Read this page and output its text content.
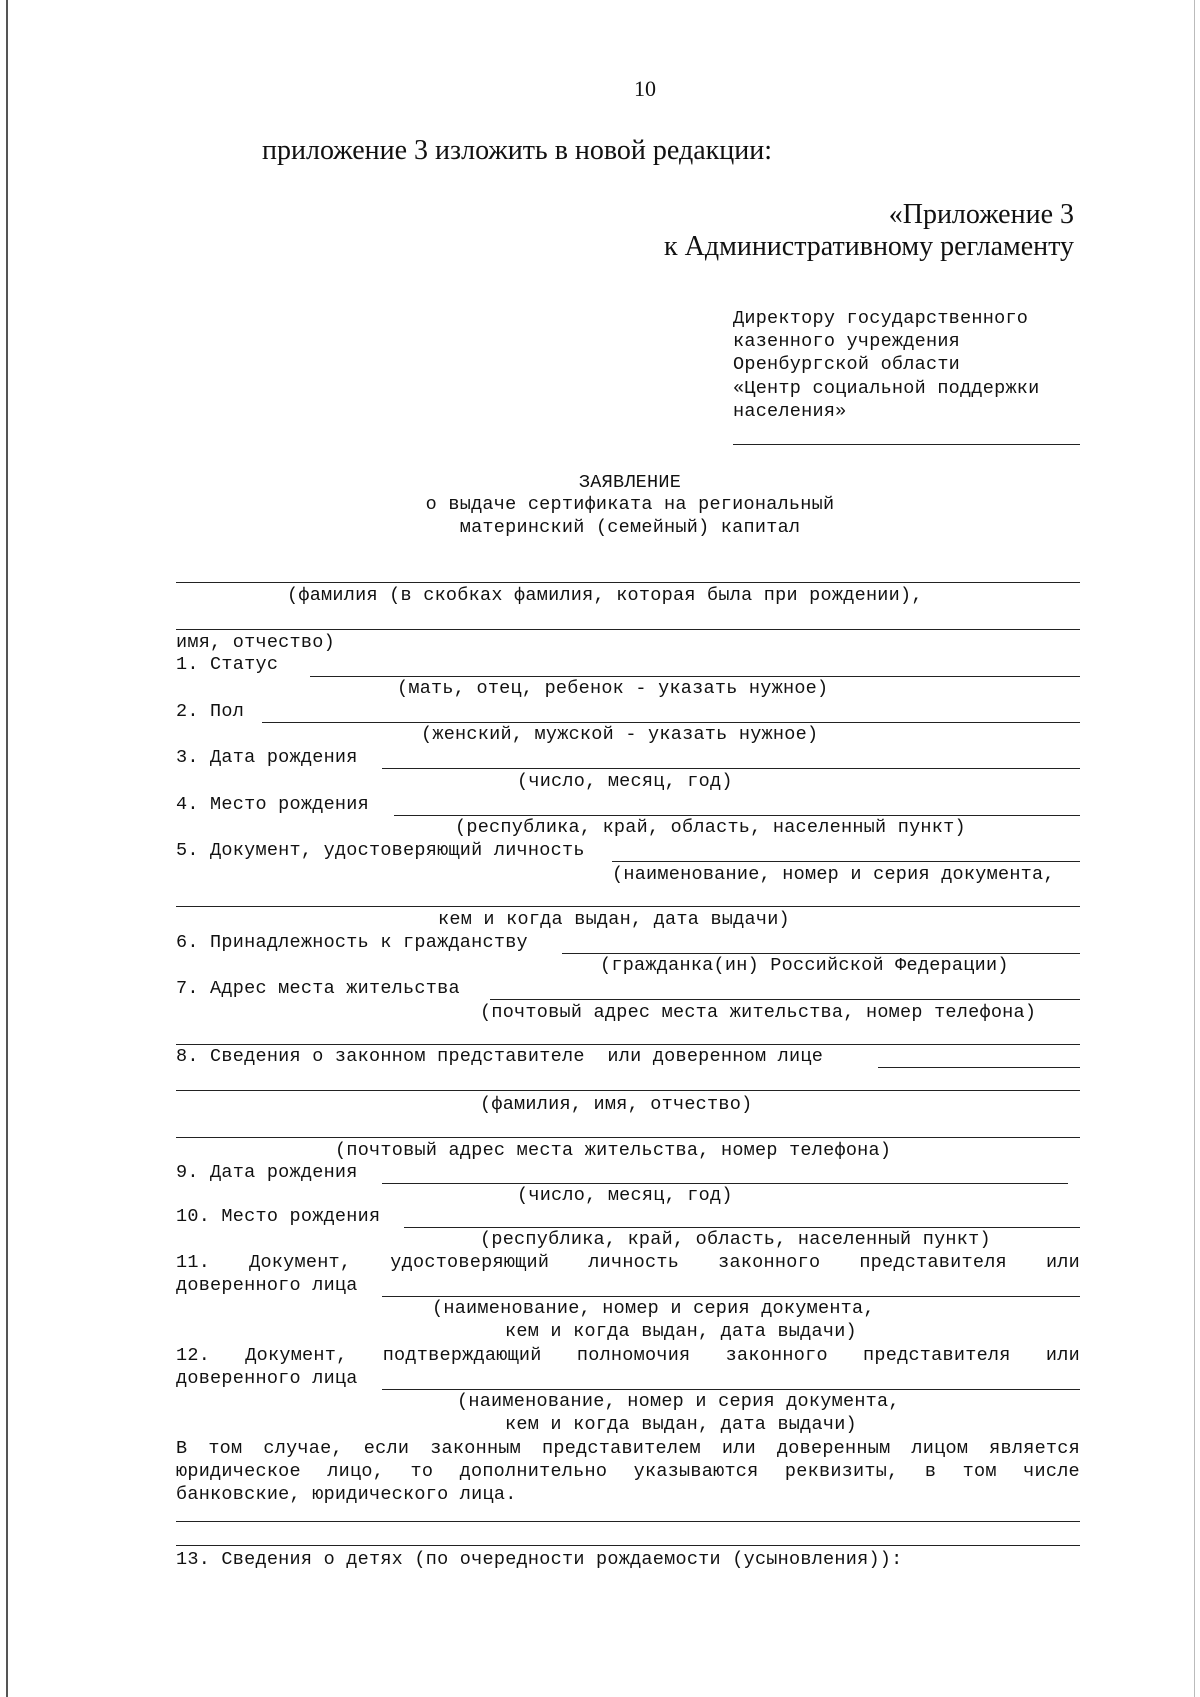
10
приложение 3 изложить в новой редакции:
«Приложение 3
к Административному регламенту
Директору государственного
казенного учреждения
Оренбургской области
«Центр социальной поддержки
населения»
ЗАЯВЛЕНИЕ
о выдаче сертификата на региональный
материнский (семейный) капитал
(фамилия (в скобках фамилия, которая была при рождении),
имя, отчество)
1. Статус
(мать, отец, ребенок - указать нужное)
2. Пол
(женский, мужской - указать нужное)
3. Дата рождения
(число, месяц, год)
4. Место рождения
(республика, край, область, населенный пункт)
5. Документ, удостоверяющий личность
(наименование, номер и серия документа,
кем и когда выдан, дата выдачи)
6. Принадлежность к гражданству
(гражданка(ин) Российской Федерации)
7. Адрес места жительства
(почтовый адрес места жительства, номер телефона)
8. Сведения о законном представителе  или доверенном лице
(фамилия, имя, отчество)
(почтовый адрес места жительства, номер телефона)
9. Дата рождения
(число, месяц, год)
10. Место рождения
(республика, край, область, населенный пункт)
11. Документ, удостоверяющий личность законного представителя или
доверенного лица
(наименование, номер и серия документа,
кем и когда выдан, дата выдачи)
12. Документ, подтверждающий полномочия законного представителя или
доверенного лица
(наименование, номер и серия документа,
кем и когда выдан, дата выдачи)
В том случае, если законным представителем или доверенным лицом является
юридическое лицо, то дополнительно указываются реквизиты, в том числе
банковские, юридического лица.
13. Сведения о детях (по очередности рождаемости (усыновления)):
